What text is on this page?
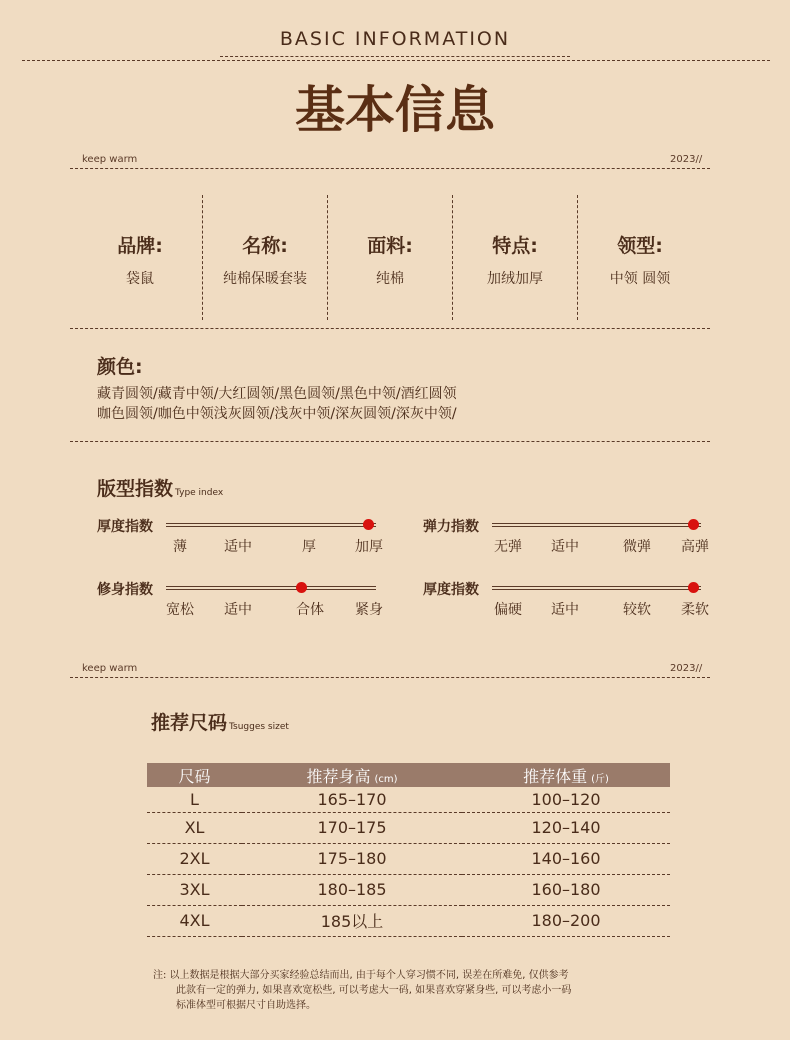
BASIC INFORMATION
基本信息
keep warm	2023//
品牌:
袋鼠
名称:
纯棉保暖套装
面料:
纯棉
特点:
加绒加厚
领型:
中领 圆领
颜色:
藏青圆领/藏青中领/大红圆领/黑色圆领/黑色中领/酒红圆领
咖色圆领/咖色中领浅灰圆领/浅灰中领/深灰圆领/深灰中领/
版型指数 Type index
厚度指数
薄	适中	厚	加厚
弹力指数
无弹	适中	微弹	高弹
修身指数
宽松	适中	合体	紧身
厚度指数
偏硬	适中	较软	柔软
keep warm	2023//
推荐尺码 Tsugges sizet
尺码	推荐身高 (cm)	推荐体重 (斤)
L	165–170	100–120
XL	170–175	120–140
2XL	175–180	140–160
3XL	180–185	160–180
4XL	185以上	180–200
注: 以上数据是根据大部分买家经验总结而出, 由于每个人穿习惯不同, 误差在所难免, 仅供参考
此款有一定的弹力, 如果喜欢宽松些, 可以考虑大一码, 如果喜欢穿紧身些, 可以考虑小一码
标准体型可根据尺寸自助选择。
